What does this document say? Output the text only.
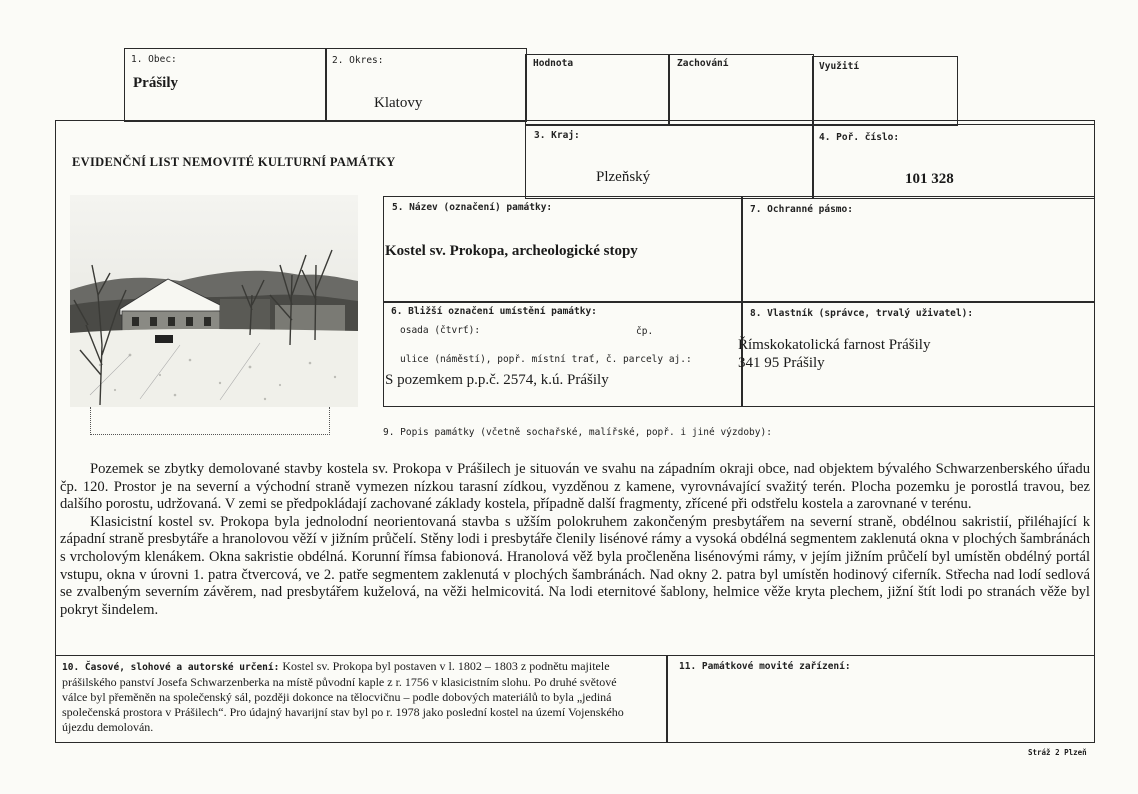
1. Obec:
Prášily
2. Okres:
Klatovy
Hodnota	Zachování	Využití
EVIDENČNÍ LIST NEMOVITÉ KULTURNÍ PAMÁTKY
3. Kraj:
Plzeňský
4. Poř. číslo:
101 328
5. Název (označení) památky:
Kostel sv. Prokopa, archeologické stopy
7. Ochranné pásmo:
6. Bližší označení umístění památky:
osada (čtvrť):	čp.
ulice (náměstí), popř. místní trať, č. parcely aj.:
S pozemkem p.p.č. 2574, k.ú. Prášily
8. Vlastník (správce, trvalý uživatel):
Římskokatolická farnost Prášily
341 95 Prášily
9. Popis památky (včetně sochařské, malířské, popř. i jiné výzdoby):

Pozemek se zbytky demolované stavby kostela sv. Prokopa v Prášilech je situován ve svahu na západním okraji obce, nad objektem bývalého Schwarzenberského úřadu čp. 120. Prostor je na severní a východní straně vymezen nízkou tarasní zídkou, vyzděnou z kamene, vyrovnávající svažitý terén. Plocha pozemku je porostlá travou, bez dalšího porostu, udržovaná. V zemi se předpokládají zachované základy kostela, případně další fragmenty, zřícené při odstřelu kostela a zarovnané v terénu.

Klasicistní kostel sv. Prokopa byla jednolodní neorientovaná stavba s užším polokruhem zakončeným presbytářem na severní straně, obdélnou sakristií, přiléhající k západní straně presbytáře a hranolovou věží v jižním průčelí. Stěny lodi i presbytáře členily lisénové rámy a vysoká obdélná segmentem zaklenutá okna v plochých šambránách s vrcholovým klenákem. Okna sakristie obdélná. Korunní římsa fabionová. Hranolová věž byla pročleněna lisénovými rámy, v jejím jižním průčelí byl umístěn obdélný portál vstupu, okna v úrovni 1. patra čtvercová, ve 2. patře segmentem zaklenutá v plochých šambránách. Nad okny 2. patra byl umístěn hodinový ciferník. Střecha nad lodí sedlová se zvalbeným severním závěrem, nad presbytářem kuželová, na věži helmicovitá. Na lodi eternitové šablony, helmice věže kryta plechem, jižní štít lodi po stranách věže byl pokryt šindelem.

10. Časové, slohové a autorské určení: Kostel sv. Prokopa byl postaven v l. 1802 – 1803 z podnětu majitele prášilského panství Josefa Schwarzenberka na místě původní kaple z r. 1756 v klasicistním slohu. Po druhé světové válce byl přeměněn na společenský sál, později dokonce na tělocvičnu – podle dobových materiálů to byla „jediná společenská prostora v Prášilech“. Pro údajný havarijní stav byl po r. 1978 jako poslední kostel na území Vojenského újezdu demolován.
11. Památkové movité zařízení:
Stráž 2 Plzeň
